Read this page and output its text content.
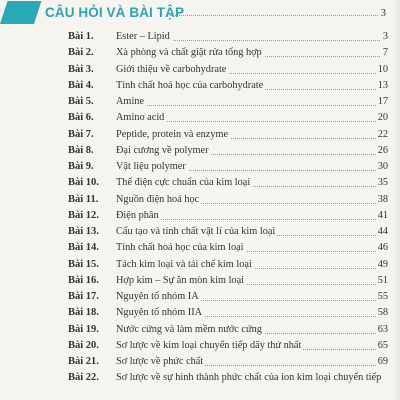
CÂU HỎI VÀ BÀI TẬP	3
Bài 1. Ester – Lipid	3
Bài 2. Xà phòng và chất giặt rửa tổng hợp	7
Bài 3. Giới thiệu về carbohydrate	10
Bài 4. Tính chất hoá học của carbohydrate	13
Bài 5. Amine	17
Bài 6. Amino acid	20
Bài 7. Peptide, protein và enzyme	22
Bài 8. Đại cương về polymer	26
Bài 9. Vật liệu polymer	30
Bài 10. Thế điện cực chuẩn của kim loại	35
Bài 11. Nguồn điện hoá học	38
Bài 12. Điện phân	41
Bài 13. Cấu tạo và tính chất vật lí của kim loại	44
Bài 14. Tính chất hoá học của kim loại	46
Bài 15. Tách kim loại và tái chế kim loại	49
Bài 16. Hợp kim – Sự ăn mòn kim loại	51
Bài 17. Nguyên tố nhóm IA	55
Bài 18. Nguyên tố nhóm IIA	58
Bài 19. Nước cứng và làm mềm nước cứng	63
Bài 20. Sơ lược về kim loại chuyển tiếp dãy thứ nhất	65
Bài 21. Sơ lược về phức chất	69
Bài 22. Sơ lược về sự hình thành phức chất của ion kim loại chuyển tiếp
